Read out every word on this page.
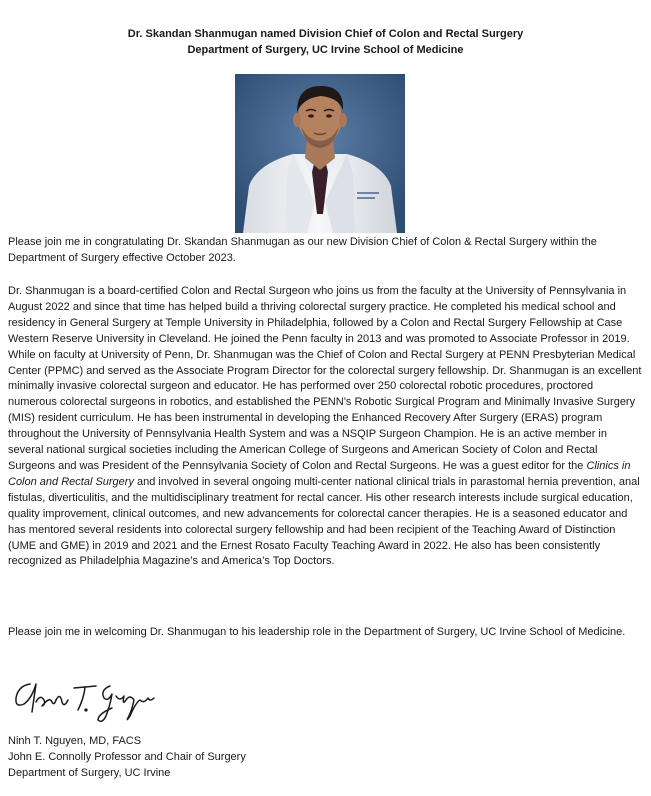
Dr. Skandan Shanmugan named Division Chief of Colon and Rectal Surgery
Department of Surgery, UC Irvine School of Medicine
Please join me in congratulating Dr. Skandan Shanmugan as our new Division Chief of Colon & Rectal Surgery within the Department of Surgery effective October 2023.
Dr. Shanmugan is a board-certified Colon and Rectal Surgeon who joins us from the faculty at the University of Pennsylvania in August 2022 and since that time has helped build a thriving colorectal surgery practice. He completed his medical school and residency in General Surgery at Temple University in Philadelphia, followed by a Colon and Rectal Surgery Fellowship at Case Western Reserve University in Cleveland. He joined the Penn faculty in 2013 and was promoted to Associate Professor in 2019. While on faculty at University of Penn, Dr. Shanmugan was the Chief of Colon and Rectal Surgery at PENN Presbyterian Medical Center (PPMC) and served as the Associate Program Director for the colorectal surgery fellowship. Dr. Shanmugan is an excellent minimally invasive colorectal surgeon and educator. He has performed over 250 colorectal robotic procedures, proctored numerous colorectal surgeons in robotics, and established the PENN’s Robotic Surgical Program and Minimally Invasive Surgery (MIS) resident curriculum. He has been instrumental in developing the Enhanced Recovery After Surgery (ERAS) program throughout the University of Pennsylvania Health System and was a NSQIP Surgeon Champion. He is an active member in several national surgical societies including the American College of Surgeons and American Society of Colon and Rectal Surgeons and was President of the Pennsylvania Society of Colon and Rectal Surgeons. He was a guest editor for the Clinics in Colon and Rectal Surgery and involved in several ongoing multi-center national clinical trials in parastomal hernia prevention, anal fistulas, diverticulitis, and the multidisciplinary treatment for rectal cancer. His other research interests include surgical education, quality improvement, clinical outcomes, and new advancements for colorectal cancer therapies. He is a seasoned educator and has mentored several residents into colorectal surgery fellowship and had been recipient of the Teaching Award of Distinction (UME and GME) in 2019 and 2021 and the Ernest Rosato Faculty Teaching Award in 2022. He also has been consistently recognized as Philadelphia Magazine’s and America’s Top Doctors.
Please join me in welcoming Dr. Shanmugan to his leadership role in the Department of Surgery, UC Irvine School of Medicine.
Ninh T. Nguyen, MD, FACS
John E. Connolly Professor and Chair of Surgery
Department of Surgery, UC Irvine
